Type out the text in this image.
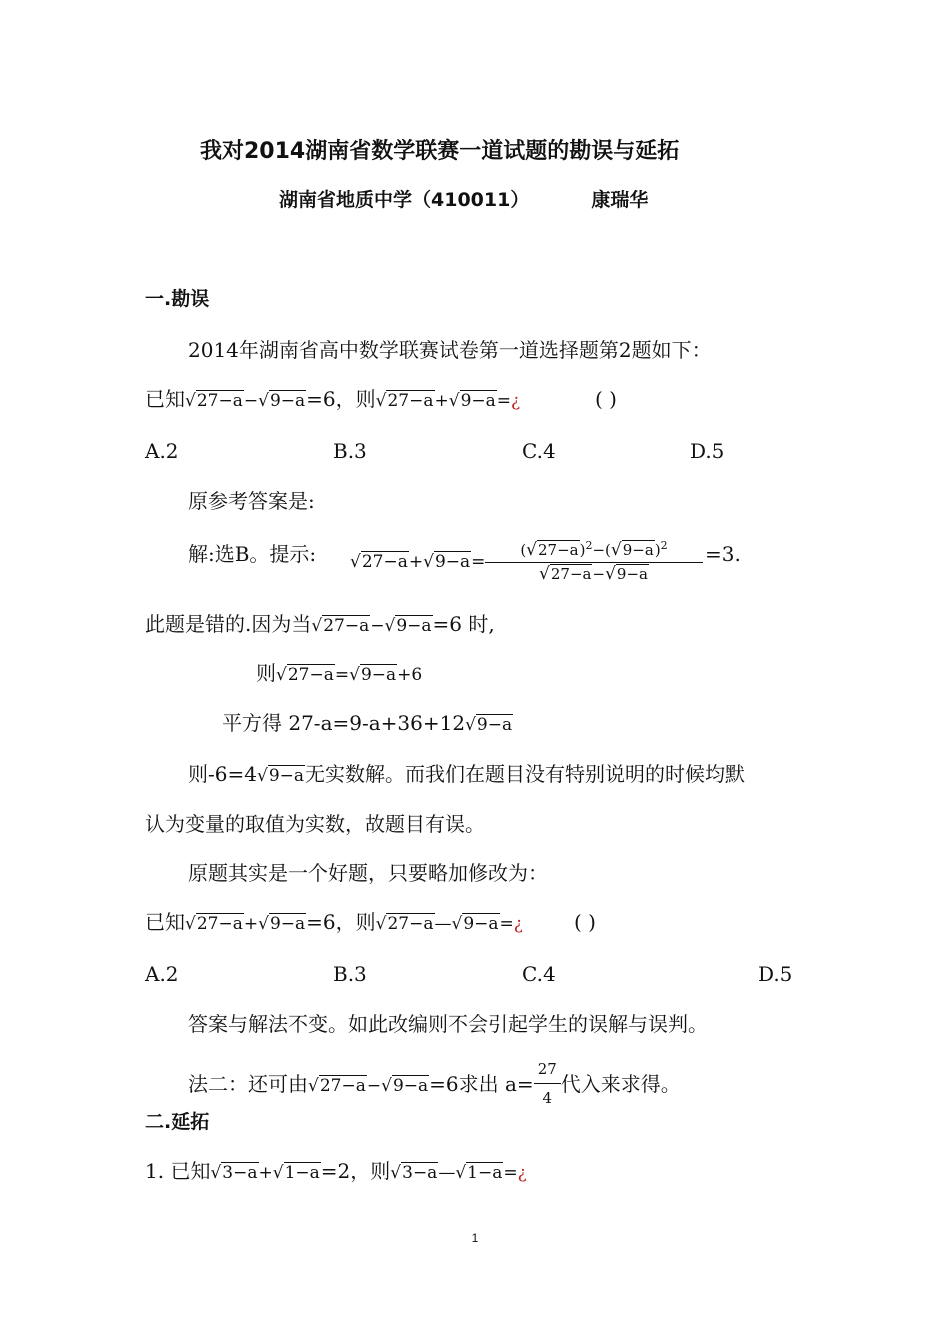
我对2014湖南省数学联赛一道试题的勘误与延拓
湖南省地质中学（410011）	康瑞华
一.勘误
2014年湖南省高中数学联赛试卷第一道选择题第2题如下：
已知√27−a−√9−a=6，则√27−a+√9−a=¿	( )
A.2	B.3	C.4	D.5
原参考答案是:
解:选B。提示: √27−a+√9−a=
$(√27-a)^2-(√9-a)^2$
√27−a−√9−a
=3.
此题是错的.因为当√27−a−√9−a=6 时,
则√27−a=√9−a+6
平方得 27-a=9-a+36+12√9−a
则-6=4√9−a无实数解。而我们在题目没有特别说明的时候均默
认为变量的取值为实数，故题目有误。
原题其实是一个好题，只要略加修改为：
已知√27−a+√9−a=6，则√27−a—√9−a=¿	( )
A.2	B.3	C.4	D.5
答案与解法不变。如此改编则不会引起学生的误解与误判。
法二：还可由√27−a−√9−a=6求出 $a= \frac{27}{4}$ 代入来求得。
二.延拓
1. 已知√3−a+√1−a=2，则√3−a—√1−a=¿
1
